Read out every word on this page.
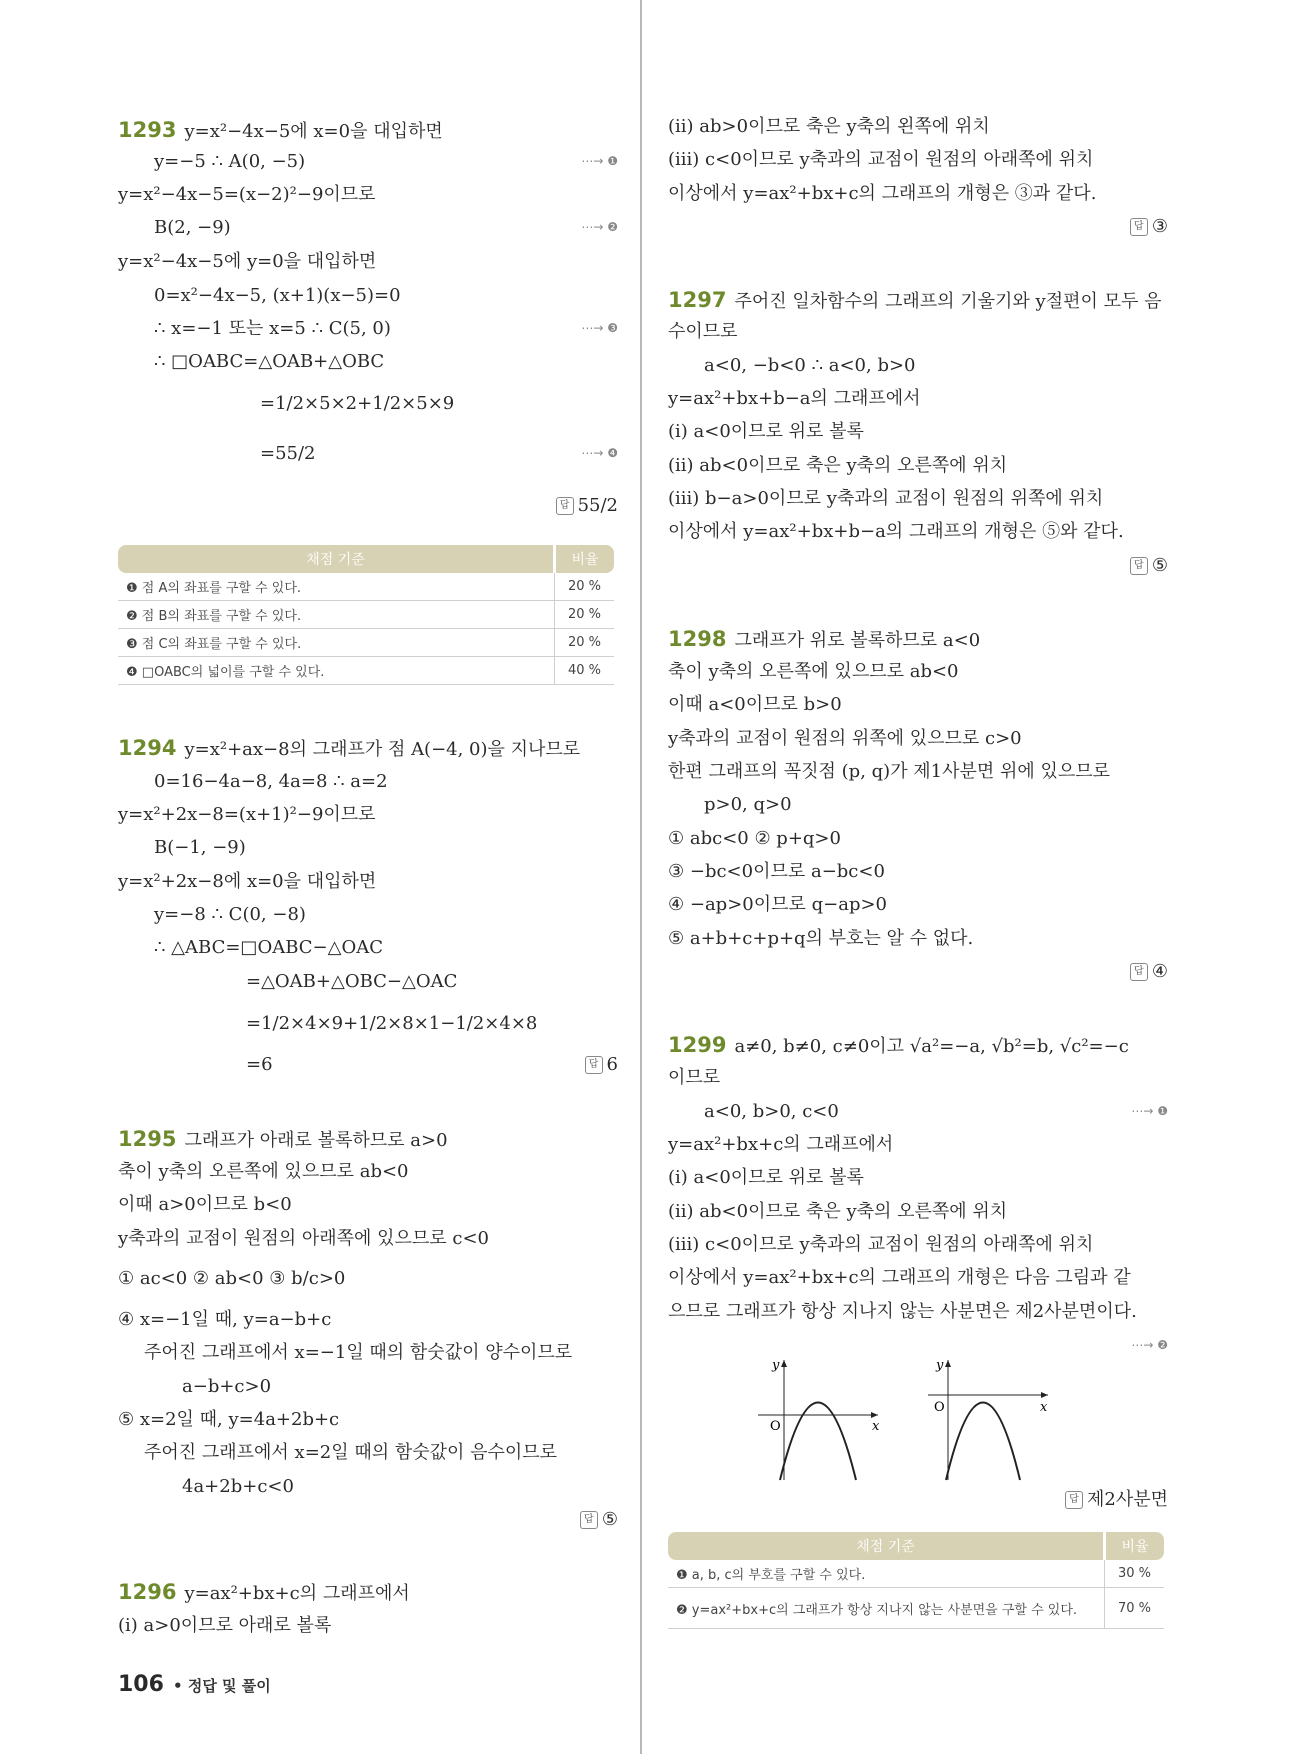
1293 y=x²−4x−5에 x=0을 대입하면
y=−5 ∴ A(0, −5)	⋯→ ❶
y=x²−4x−5=(x−2)²−9이므로
B(2, −9)	⋯→ ❷
y=x²−4x−5에 y=0을 대입하면
0=x²−4x−5, (x+1)(x−5)=0
∴ x=−1 또는 x=5 ∴ C(5, 0)	⋯→ ❸
∴ □OABC=△OAB+△OBC
=1/2×5×2+1/2×5×9
=55/2	⋯→ ❹
답 55/2
채점 기준	비율
❶ 점 A의 좌표를 구할 수 있다.	20 %
❷ 점 B의 좌표를 구할 수 있다.	20 %
❸ 점 C의 좌표를 구할 수 있다.	20 %
❹ □OABC의 넓이를 구할 수 있다.	40 %
1294 y=x²+ax−8의 그래프가 점 A(−4, 0)을 지나므로
0=16−4a−8, 4a=8 ∴ a=2
y=x²+2x−8=(x+1)²−9이므로
B(−1, −9)
y=x²+2x−8에 x=0을 대입하면
y=−8 ∴ C(0, −8)
∴ △ABC=□OABC−△OAC
=△OAB+△OBC−△OAC
=1/2×4×9+1/2×8×1−1/2×4×8
=6	답 6
1295 그래프가 아래로 볼록하므로 a>0
축이 y축의 오른쪽에 있으므로 ab<0
이때 a>0이므로 b<0
y축과의 교점이 원점의 아래쪽에 있으므로 c<0
① ac<0 ② ab<0 ③ b/c>0
④ x=−1일 때, y=a−b+c
주어진 그래프에서 x=−1일 때의 함숫값이 양수이므로
a−b+c>0
⑤ x=2일 때, y=4a+2b+c
주어진 그래프에서 x=2일 때의 함숫값이 음수이므로
4a+2b+c<0
답 ⑤
1296 y=ax²+bx+c의 그래프에서
(ⅰ) a>0이므로 아래로 볼록
(ⅱ) ab>0이므로 축은 y축의 왼쪽에 위치
(ⅲ) c<0이므로 y축과의 교점이 원점의 아래쪽에 위치
이상에서 y=ax²+bx+c의 그래프의 개형은 ③과 같다.
답 ③
1297 주어진 일차함수의 그래프의 기울기와 y절편이 모두 음
수이므로
a<0, −b<0 ∴ a<0, b>0
y=ax²+bx+b−a의 그래프에서
(ⅰ) a<0이므로 위로 볼록
(ⅱ) ab<0이므로 축은 y축의 오른쪽에 위치
(ⅲ) b−a>0이므로 y축과의 교점이 원점의 위쪽에 위치
이상에서 y=ax²+bx+b−a의 그래프의 개형은 ⑤와 같다.
답 ⑤
1298 그래프가 위로 볼록하므로 a<0
축이 y축의 오른쪽에 있으므로 ab<0
이때 a<0이므로 b>0
y축과의 교점이 원점의 위쪽에 있으므로 c>0
한편 그래프의 꼭짓점 (p, q)가 제1사분면 위에 있으므로
p>0, q>0
① abc<0 ② p+q>0
③ −bc<0이므로 a−bc<0
④ −ap>0이므로 q−ap>0
⑤ a+b+c+p+q의 부호는 알 수 없다.
답 ④
1299 a≠0, b≠0, c≠0이고 √a²=−a, √b²=b, √c²=−c
이므로
a<0, b>0, c<0	⋯→ ❶
y=ax²+bx+c의 그래프에서
(ⅰ) a<0이므로 위로 볼록
(ⅱ) ab<0이므로 축은 y축의 오른쪽에 위치
(ⅲ) c<0이므로 y축과의 교점이 원점의 아래쪽에 위치
이상에서 y=ax²+bx+c의 그래프의 개형은 다음 그림과 같
으므로 그래프가 항상 지나지 않는 사분면은 제2사분면이다.
⋯→ ❷
y
x
O
y
x
O
답 제2사분면
채점 기준	비율
❶ a, b, c의 부호를 구할 수 있다.	30 %
❷ y=ax²+bx+c의 그래프가 항상 지나지 않는 사분면을 구할 수 있다.	70 %
106 • 정답 및 풀이
